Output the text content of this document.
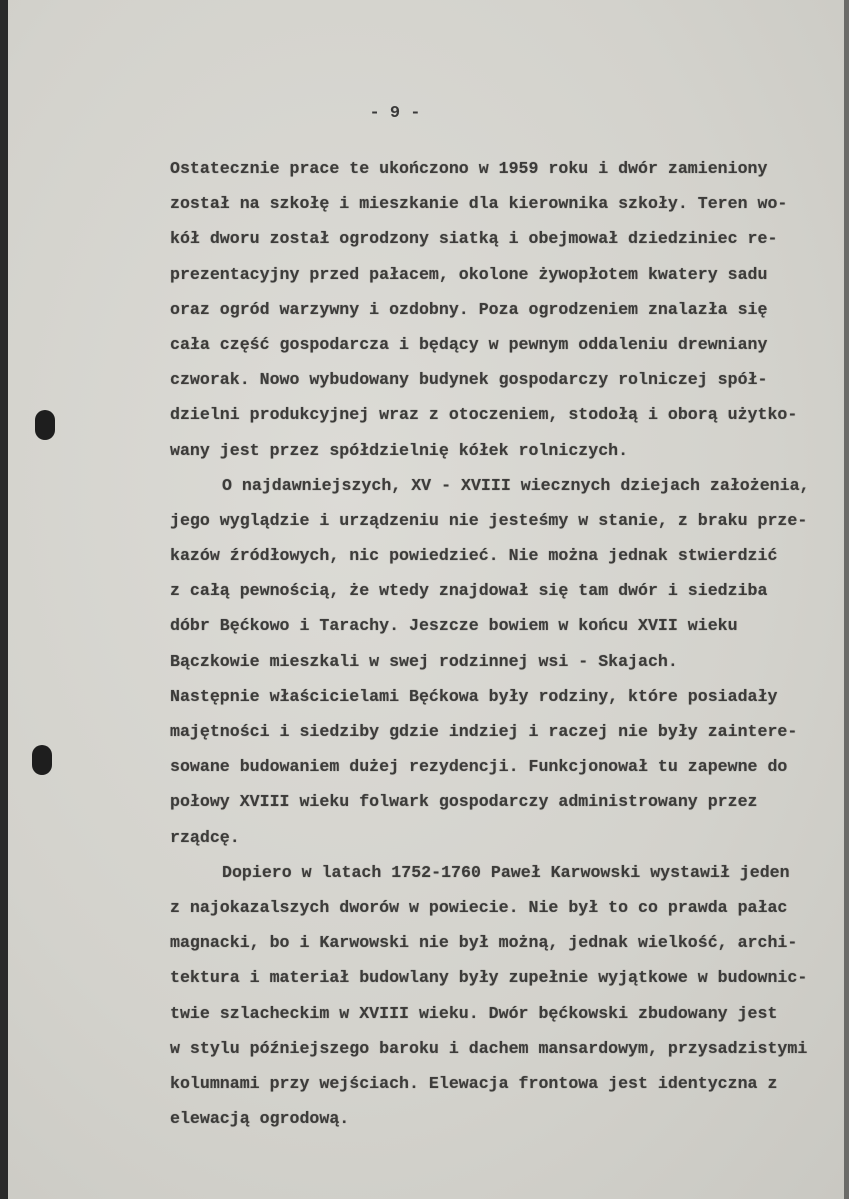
- 9 -
Ostatecznie prace te ukończono w 1959 roku i dwór zamieniony
został na szkołę i mieszkanie dla kierownika szkoły. Teren wo-
kół dworu został ogrodzony siatką i obejmował dziedziniec re-
prezentacyjny przed pałacem, okolone żywopłotem kwatery sadu
oraz ogród warzywny i ozdobny. Poza ogrodzeniem znalazła się
cała część gospodarcza i będący w pewnym oddaleniu drewniany
czworak. Nowo wybudowany budynek gospodarczy rolniczej spół-
dzielni produkcyjnej wraz z otoczeniem, stodołą i oborą użytko-
wany jest przez spółdzielnię kółek rolniczych.
O najdawniejszych, XV - XVIII wiecznych dziejach założenia,
jego wyglądzie i urządzeniu nie jesteśmy w stanie, z braku prze-
kazów źródłowych, nic powiedzieć. Nie można jednak stwierdzić
z całą pewnością, że wtedy znajdował się tam dwór i siedziba
dóbr Bęćkowo i Tarachy. Jeszcze bowiem w końcu XVII wieku
Bączkowie mieszkali w swej rodzinnej wsi - Skajach.
Następnie właścicielami Bęćkowa były rodziny, które posiadały
majętności i siedziby gdzie indziej i raczej nie były zaintere-
sowane budowaniem dużej rezydencji. Funkcjonował tu zapewne do
połowy XVIII wieku folwark gospodarczy administrowany przez
rządcę.
Dopiero w latach 1752-1760 Paweł Karwowski wystawił jeden
z najokazalszych dworów w powiecie. Nie był to co prawda pałac
magnacki, bo i Karwowski nie był możną, jednak wielkość, archi-
tektura i materiał budowlany były zupełnie wyjątkowe w budownic-
twie szlacheckim w XVIII wieku. Dwór bęćkowski zbudowany jest
w stylu późniejszego baroku i dachem mansardowym, przysadzistymi
kolumnami przy wejściach. Elewacja frontowa jest identyczna z
elewacją ogrodową.
